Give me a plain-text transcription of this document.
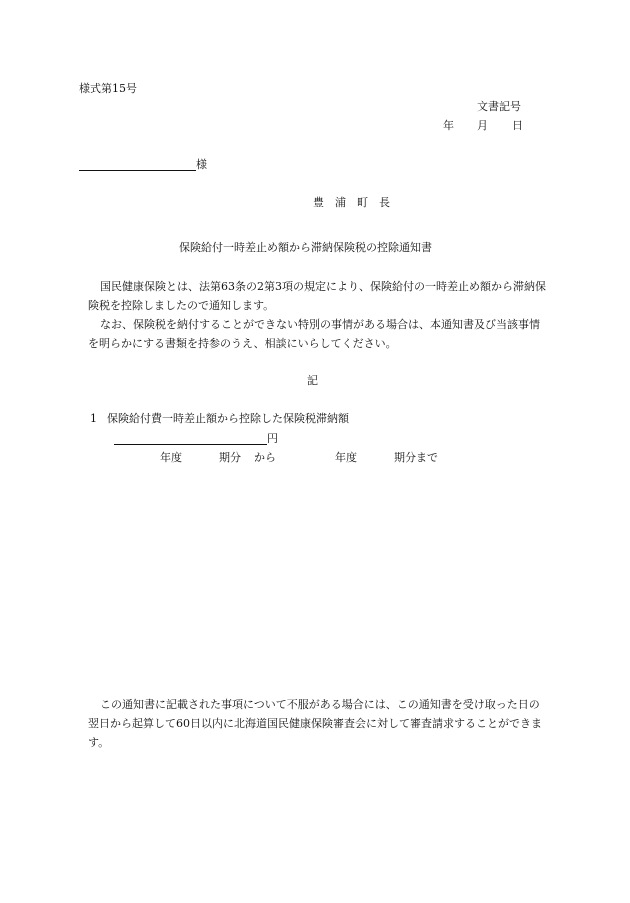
様式第15号
文書記号
年 月 日
様
豊　浦　町　長
保険給付一時差止め額から滞納保険税の控除通知書

国民健康保険とは、法第63条の2第3項の規定により、保険給付の一時差止め額から滞納保険税を控除しましたので通知します。

なお、保険税を納付することができない特別の事情がある場合は、本通知書及び当該事情を明らかにする書類を持参のうえ、相談にいらしてください。

記
1 保険給付費一時差止額から控除した保険税滞納額
円
年度	期分 から	年度	期分まで

この通知書に記載された事項について不服がある場合には、この通知書を受け取った日の翌日から起算して60日以内に北海道国民健康保険審査会に対して審査請求することができます。
